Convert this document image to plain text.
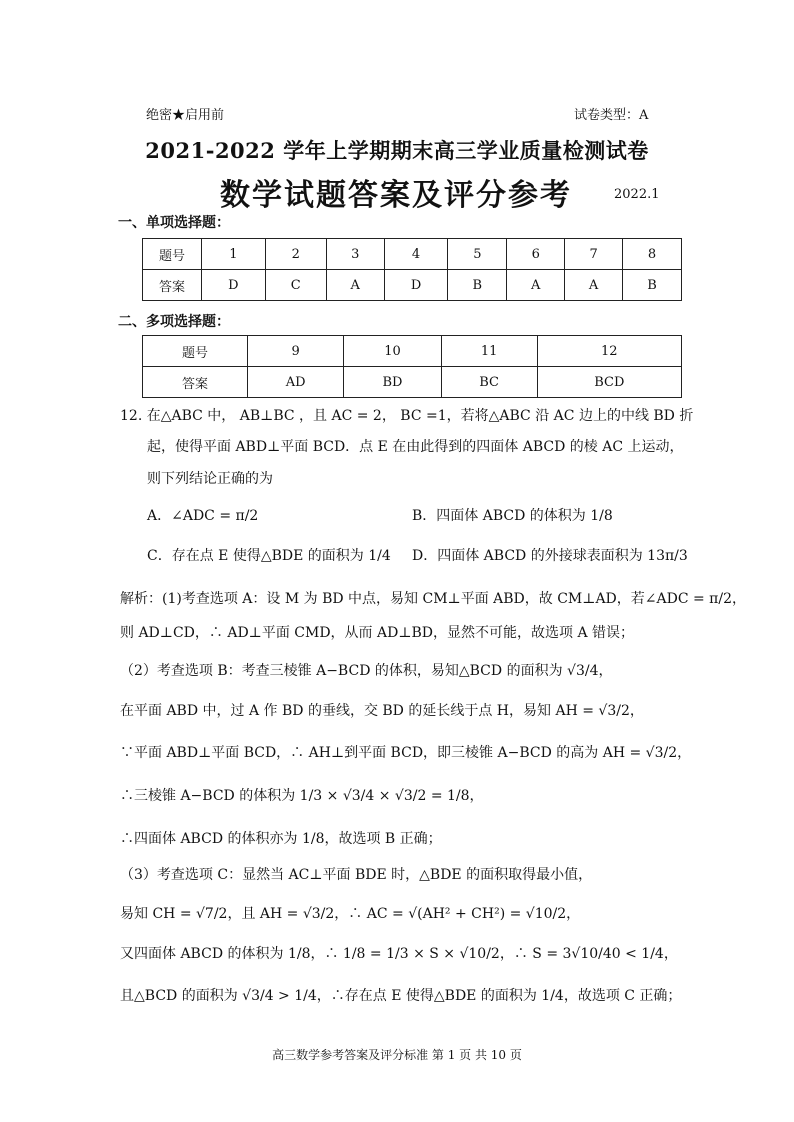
绝密★启用前	试卷类型：A
2021-2022 学年上学期期末高三学业质量检测试卷
数学试题答案及评分参考	2022.1
一、单项选择题：
题号	1	2	3	4	5	6	7	8
答案	D	C	A	D	B	A	A	B
二、多项选择题：
题号	9	10	11	12
答案	AD	BD	BC	BCD
12. 在△ABC 中， AB⊥BC ，且 AC = 2， BC =1，若将△ABC 沿 AC 边上的中线 BD 折
起，使得平面 ABD⊥平面 BCD．点 E 在由此得到的四面体 ABCD 的棱 AC 上运动，
则下列结论正确的为
A．∠ADC = π/2	B．四面体 ABCD 的体积为 1/8
C．存在点 E 使得△BDE 的面积为 1/4 D．四面体 ABCD 的外接球表面积为 13π/3
解析：(1)考查选项 A：设 M 为 BD 中点，易知 CM⊥平面 ABD，故 CM⊥AD，若∠ADC = π/2，
则 AD⊥CD，∴ AD⊥平面 CMD，从而 AD⊥BD，显然不可能，故选项 A 错误；
（2）考查选项 B：考查三棱锥 A−BCD 的体积，易知△BCD 的面积为 √3/4，
在平面 ABD 中，过 A 作 BD 的垂线，交 BD 的延长线于点 H，易知 AH = √3/2，
∵平面 ABD⊥平面 BCD，∴ AH⊥到平面 BCD，即三棱锥 A−BCD 的高为 AH = √3/2，
∴三棱锥 A−BCD 的体积为 1/3 × √3/4 × √3/2 = 1/8，
∴四面体 ABCD 的体积亦为 1/8，故选项 B 正确；
（3）考查选项 C：显然当 AC⊥平面 BDE 时，△BDE 的面积取得最小值，
易知 CH = √7/2，且 AH = √3/2，∴ AC = √(AH² + CH²) = √10/2，
又四面体 ABCD 的体积为 1/8，∴ 1/8 = 1/3 × S × √10/2，∴ S = 3√10/40 < 1/4，
且△BCD 的面积为 √3/4 > 1/4，∴存在点 E 使得△BDE 的面积为 1/4，故选项 C 正确；
高三数学参考答案及评分标准 第 1 页 共 10 页
